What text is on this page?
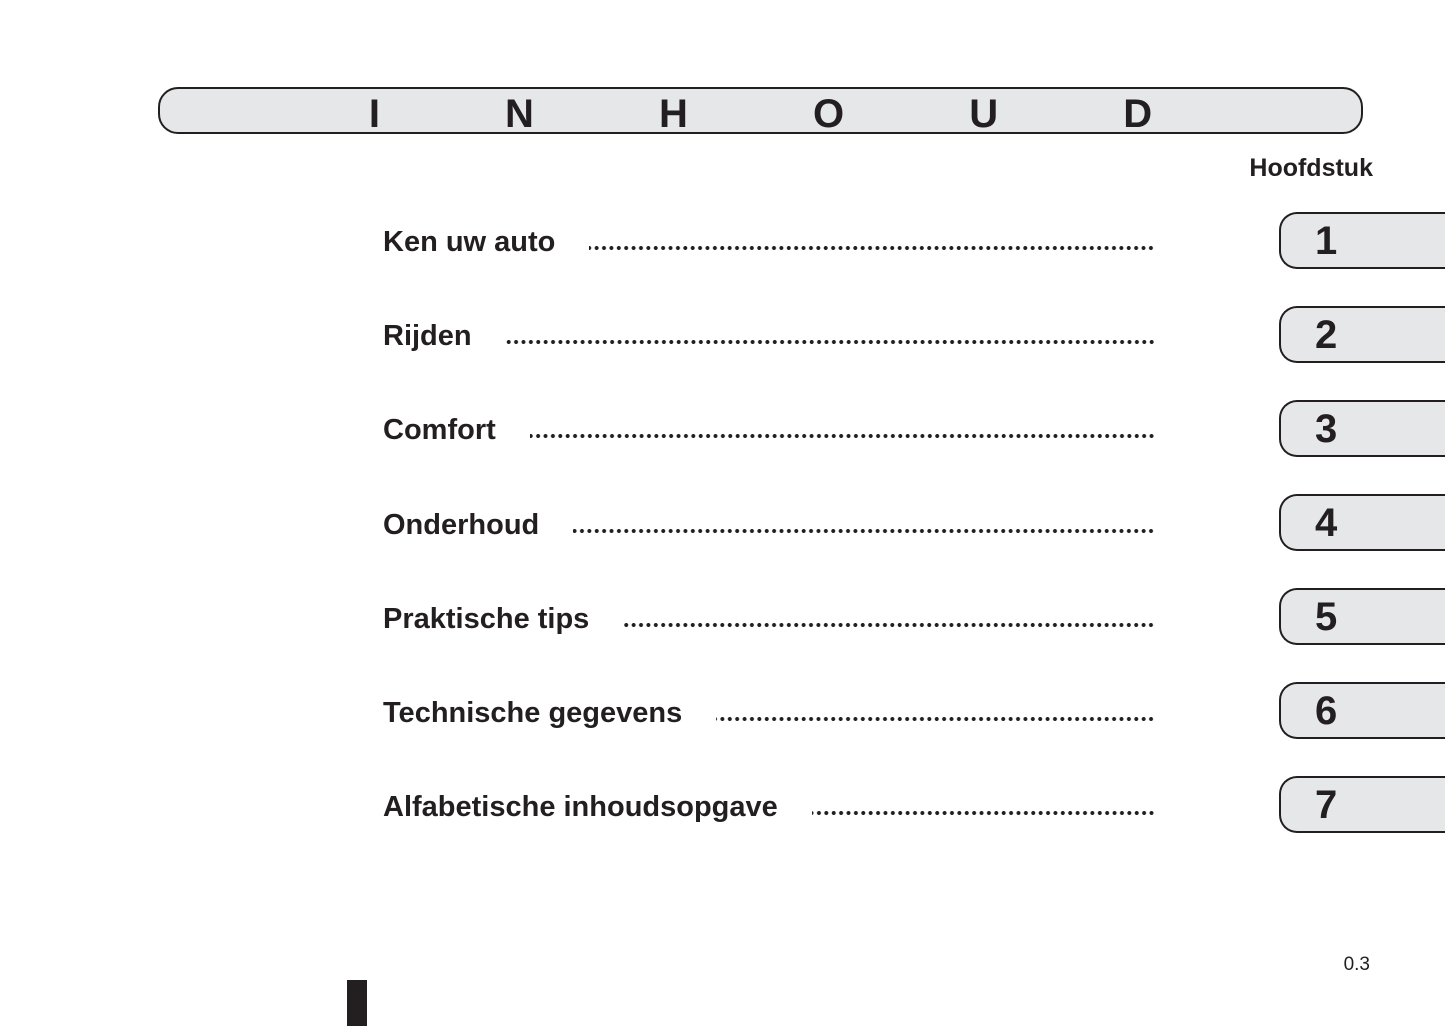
I N H O U D
Hoofdstuk
Ken uw auto	1
Rijden	2
Comfort	3
Onderhoud	4
Praktische tips	5
Technische gegevens	6
Alfabetische inhoudsopgave	7
0.3
